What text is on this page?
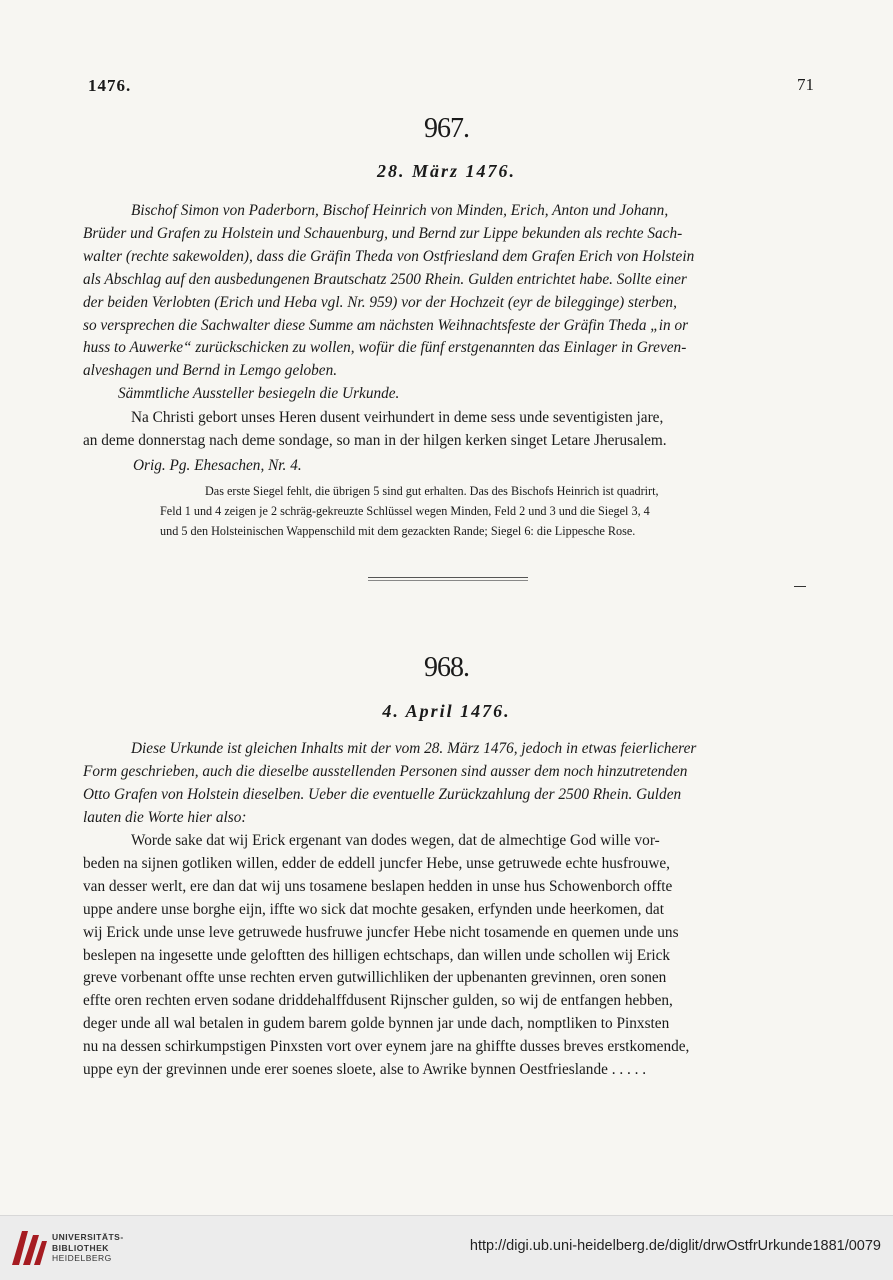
1476.	71
967.
28. März 1476.
Bischof Simon von Paderborn, Bischof Heinrich von Minden, Erich, Anton und Johann,
Brüder und Grafen zu Holstein und Schauenburg, und Bernd zur Lippe bekunden als rechte Sach-
walter (rechte sakewolden), dass die Gräfin Theda von Ostfriesland dem Grafen Erich von Holstein
als Abschlag auf den ausbedungenen Brautschatz 2500 Rhein. Gulden entrichtet habe. Sollte einer
der beiden Verlobten (Erich und Heba vgl. Nr. 959) vor der Hochzeit (eyr de bilegginge) sterben,
so versprechen die Sachwalter diese Summe am nächsten Weihnachtsfeste der Gräfin Theda „in or
huss to Auwerke“ zurückschicken zu wollen, wofür die fünf erstgenannten das Einlager in Greven-
alveshagen und Bernd in Lemgo geloben.
Sämmtliche Aussteller besiegeln die Urkunde.
Na Christi gebort unses Heren dusent veirhundert in deme sess unde seventigisten jare,
an deme donnerstag nach deme sondage, so man in der hilgen kerken singet Letare Jherusalem.
Orig. Pg. Ehesachen, Nr. 4.
Das erste Siegel fehlt, die übrigen 5 sind gut erhalten. Das des Bischofs Heinrich ist quadrirt,
Feld 1 und 4 zeigen je 2 schräg-gekreuzte Schlüssel wegen Minden, Feld 2 und 3 und die Siegel 3, 4
und 5 den Holsteinischen Wappenschild mit dem gezackten Rande; Siegel 6: die Lippesche Rose.
968.
4. April 1476.
Diese Urkunde ist gleichen Inhalts mit der vom 28. März 1476, jedoch in etwas feierlicherer
Form geschrieben, auch die dieselbe ausstellenden Personen sind ausser dem noch hinzutretenden
Otto Grafen von Holstein dieselben. Ueber die eventuelle Zurückzahlung der 2500 Rhein. Gulden
lauten die Worte hier also:
Worde sake dat wij Erick ergenant van dodes wegen, dat de almechtige God wille vor-
beden na sijnen gotliken willen, edder de eddell juncfer Hebe, unse getruwede echte husfrouwe,
van desser werlt, ere dan dat wij uns tosamene beslapen hedden in unse hus Schowenborch offte
uppe andere unse borghe eijn, iffte wo sick dat mochte gesaken, erfynden unde heerkomen, dat
wij Erick unde unse leve getruwede husfruwe juncfer Hebe nicht tosamende en quemen unde uns
beslepen na ingesette unde geloftten des hilligen echtschaps, dan willen unde schollen wij Erick
greve vorbenant offte unse rechten erven gutwillichliken der upbenanten grevinnen, oren sonen
effte oren rechten erven sodane driddehalffdusent Rijnscher gulden, so wij de entfangen hebben,
deger unde all wal betalen in gudem barem golde bynnen jar unde dach, nomptliken to Pinxsten
nu na dessen schirkumpstigen Pinxsten vort over eynem jare na ghiffte dusses breves erstkomende,
uppe eyn der grevinnen unde erer soenes sloete, alse to Awrike bynnen Oestfrieslande . . . . .
UNIVERSITÄTS-
BIBLIOTHEK
HEIDELBERG
http://digi.ub.uni-heidelberg.de/diglit/drwOstfrUrkunde1881/0079
